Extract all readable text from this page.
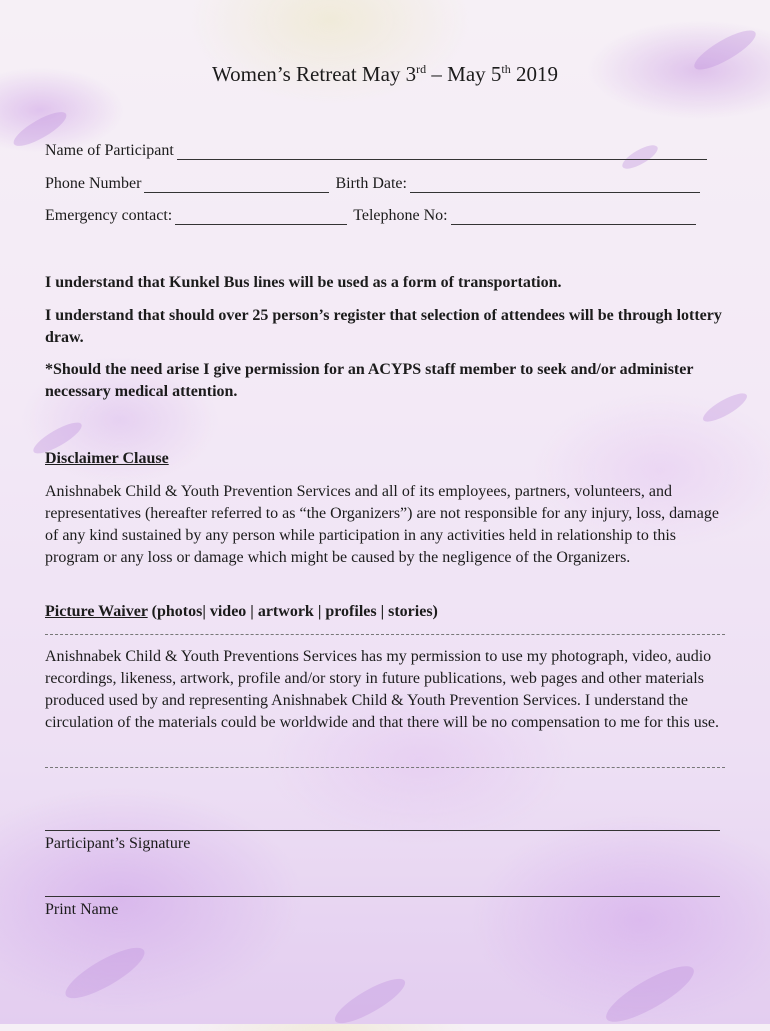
Women’s Retreat May 3rd – May 5th 2019
Name of Participant
Phone Number	Birth Date:
Emergency contact:	Telephone No:
I understand that Kunkel Bus lines will be used as a form of transportation.
I understand that should over 25 person’s register that selection of attendees will be through lottery draw.
*Should the need arise I give permission for an ACYPS staff member to seek and/or administer necessary medical attention.
Disclaimer Clause
Anishnabek Child & Youth Prevention Services and all of its employees, partners, volunteers, and representatives (hereafter referred to as “the Organizers”) are not responsible for any injury, loss, damage of any kind sustained by any person while participation in any activities held in relationship to this program or any loss or damage which might be caused by the negligence of the Organizers.
Picture Waiver (photos| video | artwork | profiles | stories)
Anishnabek Child & Youth Preventions Services has my permission to use my photograph, video, audio recordings, likeness, artwork, profile and/or story in future publications, web pages and other materials produced used by and representing Anishnabek Child & Youth Prevention Services. I understand the circulation of the materials could be worldwide and that there will be no compensation to me for this use.
Participant’s Signature
Print Name
